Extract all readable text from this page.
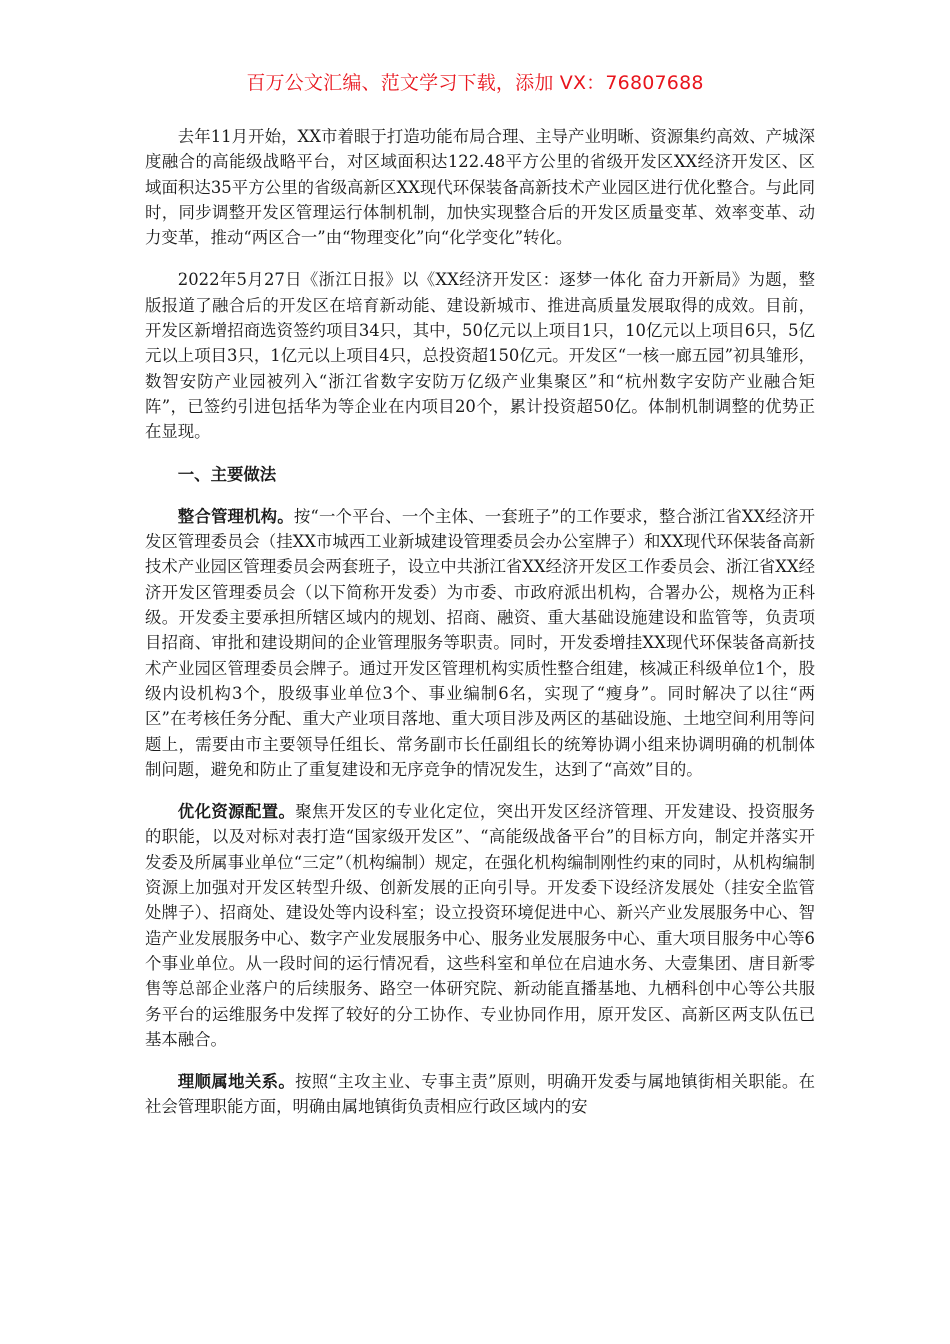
百万公文汇编、范文学习下载，添加 VX：76807688

去年11月开始，XX市着眼于打造功能布局合理、主导产业明晰、资源集约高效、产城深度融合的高能级战略平台，对区域面积达122.48平方公里的省级开发区XX经济开发区、区域面积达35平方公里的省级高新区XX现代环保装备高新技术产业园区进行优化整合。与此同时，同步调整开发区管理运行体制机制，加快实现整合后的开发区质量变革、效率变革、动力变革，推动“两区合一”由“物理变化”向“化学变化”转化。

2022年5月27日《浙江日报》以《XX经济开发区：逐梦一体化 奋力开新局》为题，整版报道了融合后的开发区在培育新动能、建设新城市、推进高质量发展取得的成效。目前，开发区新增招商选资签约项目34只，其中，50亿元以上项目1只，10亿元以上项目6只，5亿元以上项目3只，1亿元以上项目4只，总投资超150亿元。开发区“一核一廊五园”初具雏形，数智安防产业园被列入“浙江省数字安防万亿级产业集聚区”和“杭州数字安防产业融合矩阵”，已签约引进包括华为等企业在内项目20个，累计投资超50亿。体制机制调整的优势正在显现。

一、主要做法

整合管理机构。按“一个平台、一个主体、一套班子”的工作要求，整合浙江省XX经济开发区管理委员会（挂XX市城西工业新城建设管理委员会办公室牌子）和XX现代环保装备高新技术产业园区管理委员会两套班子，设立中共浙江省XX经济开发区工作委员会、浙江省XX经济开发区管理委员会（以下简称开发委）为市委、市政府派出机构，合署办公，规格为正科级。开发委主要承担所辖区域内的规划、招商、融资、重大基础设施建设和监管等，负责项目招商、审批和建设期间的企业管理服务等职责。同时，开发委增挂XX现代环保装备高新技术产业园区管理委员会牌子。通过开发区管理机构实质性整合组建，核减正科级单位1个，股级内设机构3个，股级事业单位3个、事业编制6名，实现了“瘦身”。同时解决了以往“两区”在考核任务分配、重大产业项目落地、重大项目涉及两区的基础设施、土地空间利用等问题上，需要由市主要领导任组长、常务副市长任副组长的统筹协调小组来协调明确的机制体制问题，避免和防止了重复建设和无序竞争的情况发生，达到了“高效”目的。

优化资源配置。聚焦开发区的专业化定位，突出开发区经济管理、开发建设、投资服务的职能，以及对标对表打造“国家级开发区”、“高能级战备平台”的目标方向，制定并落实开发委及所属事业单位“三定”（机构编制）规定，在强化机构编制刚性约束的同时，从机构编制资源上加强对开发区转型升级、创新发展的正向引导。开发委下设经济发展处（挂安全监管处牌子）、招商处、建设处等内设科室；设立投资环境促进中心、新兴产业发展服务中心、智造产业发展服务中心、数字产业发展服务中心、服务业发展服务中心、重大项目服务中心等6个事业单位。从一段时间的运行情况看，这些科室和单位在启迪水务、大壹集团、唐目新零售等总部企业落户的后续服务、路空一体研究院、新动能直播基地、九栖科创中心等公共服务平台的运维服务中发挥了较好的分工协作、专业协同作用，原开发区、高新区两支队伍已基本融合。

理顺属地关系。按照“主攻主业、专事主责”原则，明确开发委与属地镇街相关职能。在社会管理职能方面，明确由属地镇街负责相应行政区域内的安
